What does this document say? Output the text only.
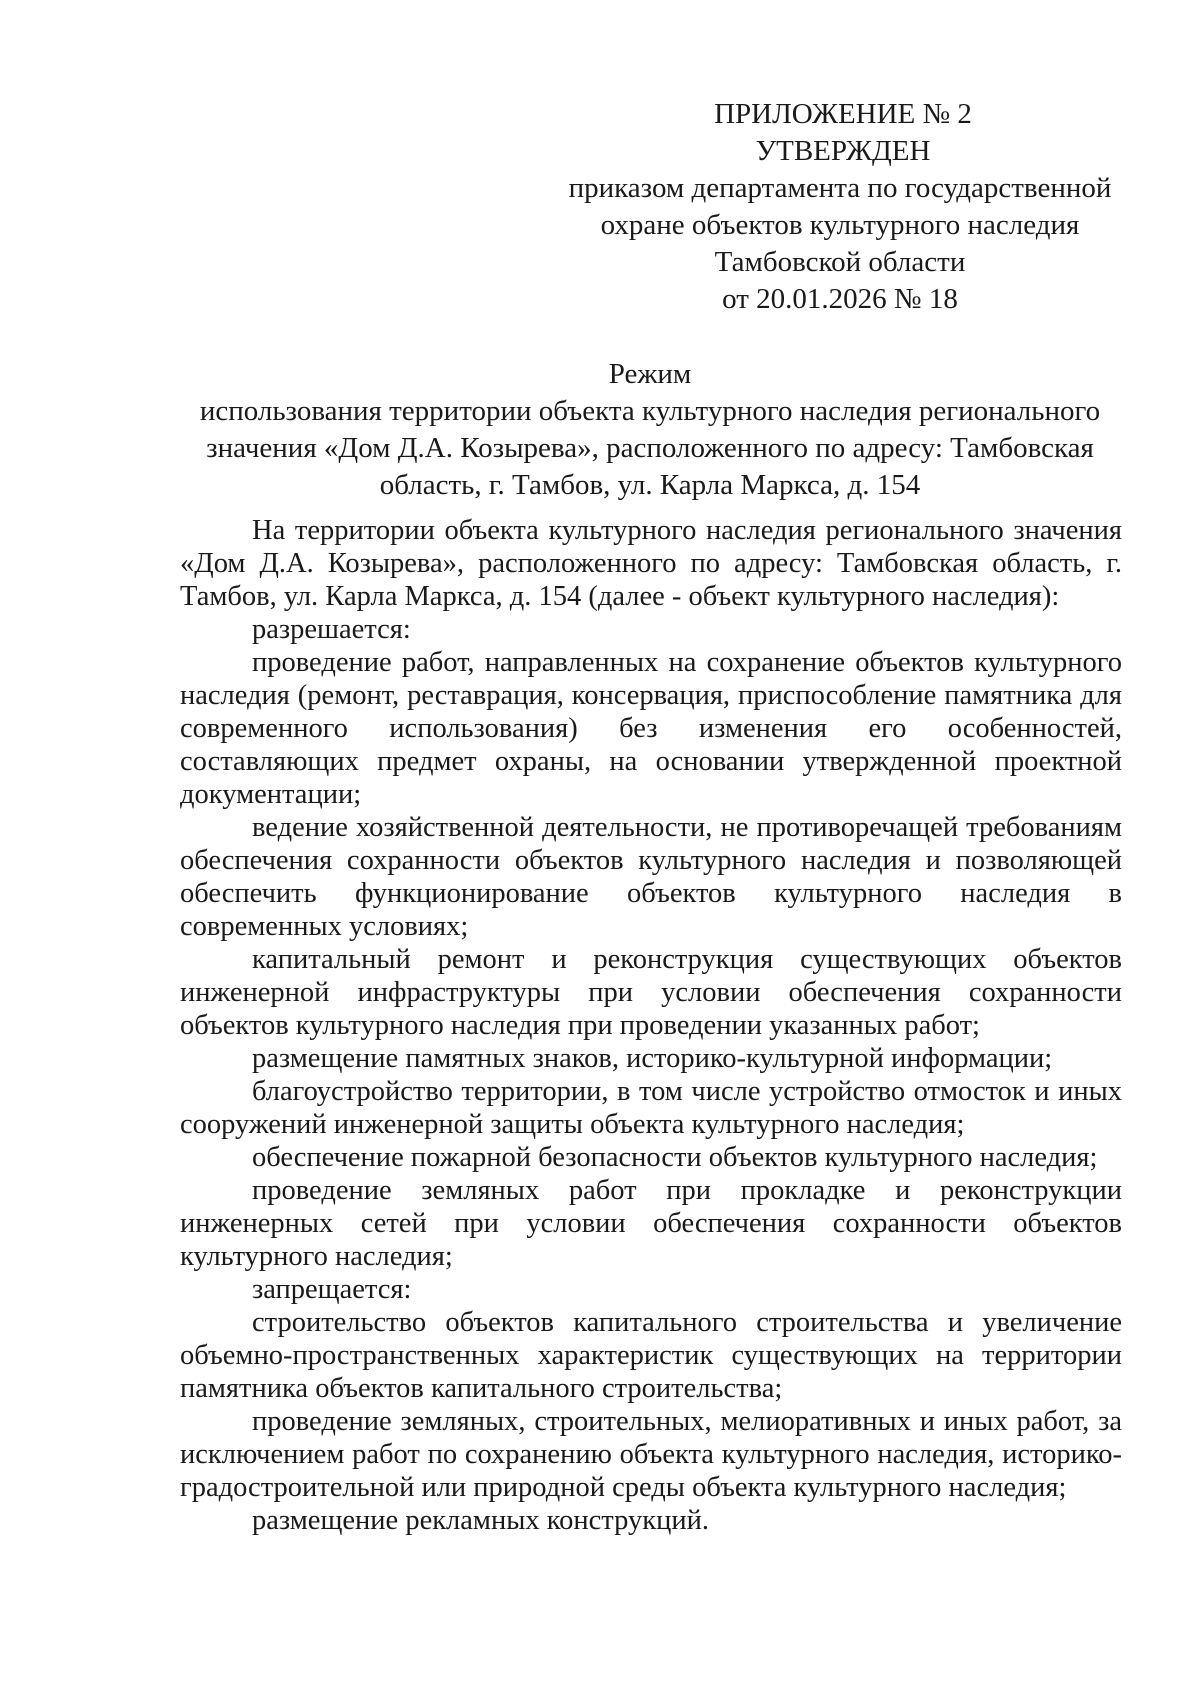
ПРИЛОЖЕНИЕ № 2
УТВЕРЖДЕН
приказом департамента по государственной
охране объектов культурного наследия
Тамбовской области
от 20.01.2026 № 18
Режим
использования территории объекта культурного наследия регионального
значения «Дом Д.А. Козырева», расположенного по адресу: Тамбовская
область, г. Тамбов, ул. Карла Маркса, д. 154

На территории объекта культурного наследия регионального значения «Дом Д.А. Козырева», расположенного по адресу: Тамбовская область, г. Тамбов, ул. Карла Маркса, д. 154 (далее - объект культурного наследия):

разрешается:

проведение работ, направленных на сохранение объектов культурного наследия (ремонт, реставрация, консервация, приспособление памятника для современного использования) без изменения его особенностей, составляющих предмет охраны, на основании утвержденной проектной документации;

ведение хозяйственной деятельности, не противоречащей требованиям обеспечения сохранности объектов культурного наследия и позволяющей обеспечить функционирование объектов культурного наследия в современных условиях;

капитальный ремонт и реконструкция существующих объектов инженерной инфраструктуры при условии обеспечения сохранности объектов культурного наследия при проведении указанных работ;

размещение памятных знаков, историко-культурной информации;

благоустройство территории, в том числе устройство отмосток и иных сооружений инженерной защиты объекта культурного наследия;

обеспечение пожарной безопасности объектов культурного наследия;

проведение земляных работ при прокладке и реконструкции инженерных сетей при условии обеспечения сохранности объектов культурного наследия;

запрещается:

строительство объектов капитального строительства и увеличение объемно-пространственных характеристик существующих на территории памятника объектов капитального строительства;

проведение земляных, строительных, мелиоративных и иных работ, за исключением работ по сохранению объекта культурного наследия, историко-градостроительной или природной среды объекта культурного наследия;

размещение рекламных конструкций.
